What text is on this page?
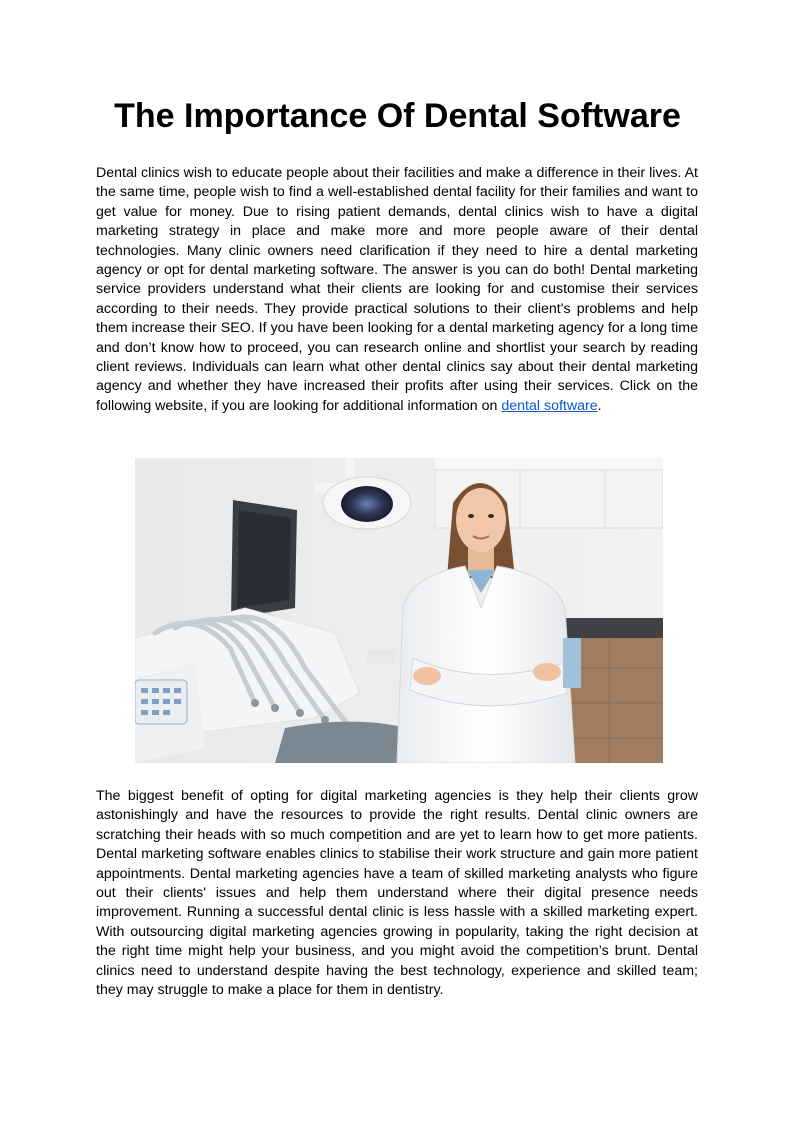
The Importance Of Dental Software

Dental clinics wish to educate people about their facilities and make a difference in their lives. At the same time, people wish to find a well-established dental facility for their families and want to get value for money. Due to rising patient demands, dental clinics wish to have a digital marketing strategy in place and make more and more people aware of their dental technologies. Many clinic owners need clarification if they need to hire a dental marketing agency or opt for dental marketing software. The answer is you can do both! Dental marketing service providers understand what their clients are looking for and customise their services according to their needs. They provide practical solutions to their client's problems and help them increase their SEO. If you have been looking for a dental marketing agency for a long time and don’t know how to proceed, you can research online and shortlist your search by reading client reviews. Individuals can learn what other dental clinics say about their dental marketing agency and whether they have increased their profits after using their services. Click on the following website, if you are looking for additional information on dental software.

The biggest benefit of opting for digital marketing agencies is they help their clients grow astonishingly and have the resources to provide the right results. Dental clinic owners are scratching their heads with so much competition and are yet to learn how to get more patients. Dental marketing software enables clinics to stabilise their work structure and gain more patient appointments. Dental marketing agencies have a team of skilled marketing analysts who figure out their clients' issues and help them understand where their digital presence needs improvement. Running a successful dental clinic is less hassle with a skilled marketing expert. With outsourcing digital marketing agencies growing in popularity, taking the right decision at the right time might help your business, and you might avoid the competition’s brunt. Dental clinics need to understand despite having the best technology, experience and skilled team; they may struggle to make a place for them in dentistry.
